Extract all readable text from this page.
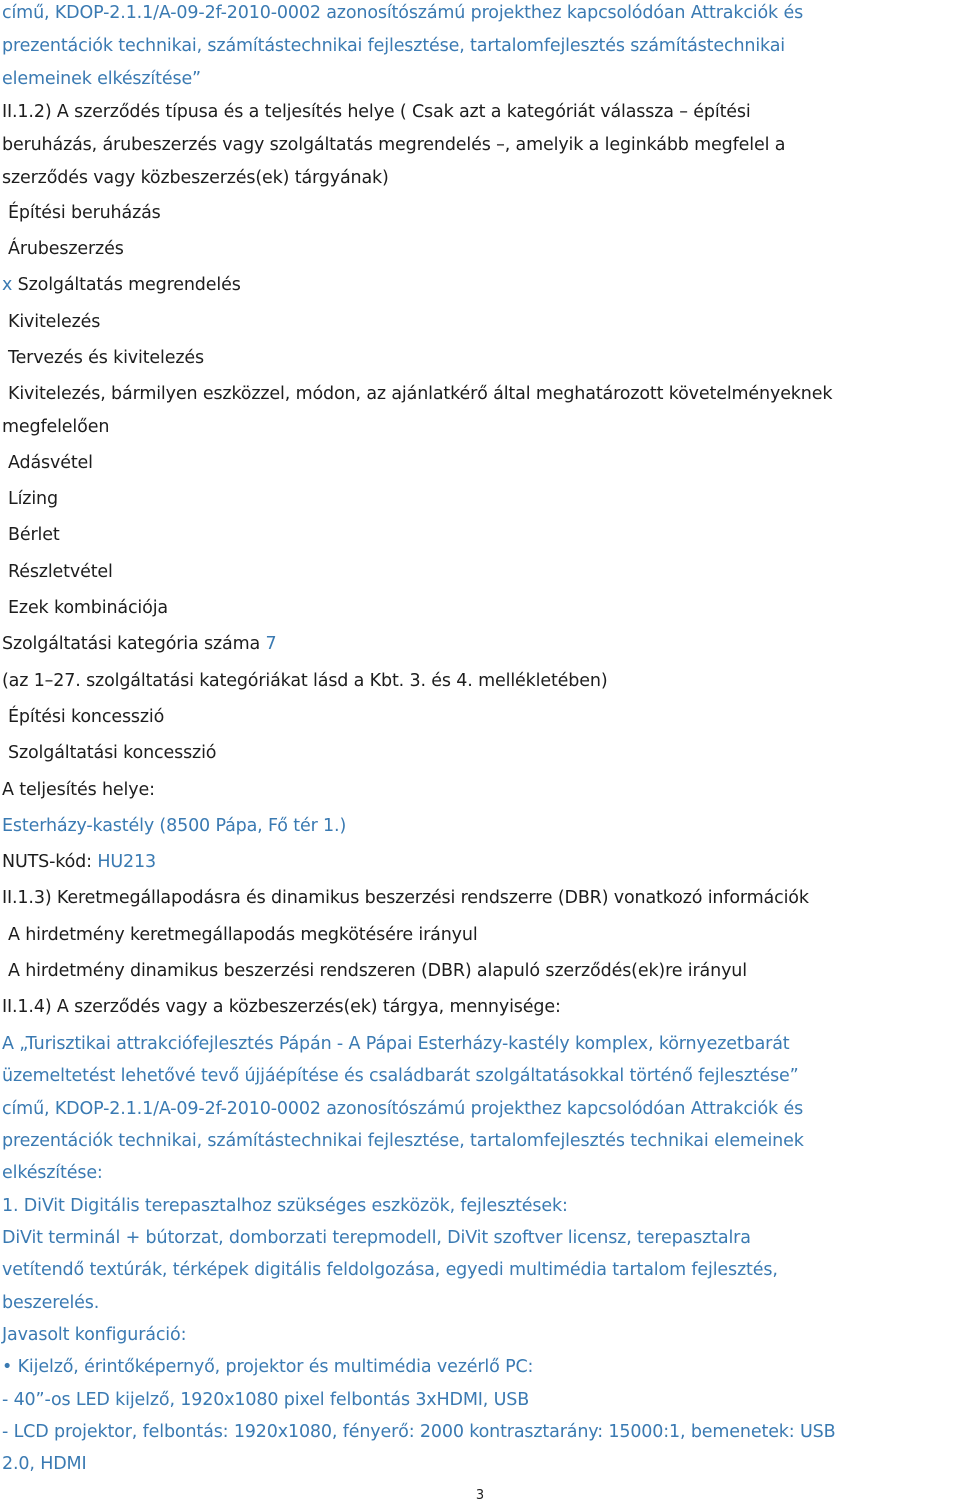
című, KDOP-2.1.1/A-09-2f-2010-0002 azonosítószámú projekthez kapcsolódóan Attrakciók és
prezentációk technikai, számítástechnikai fejlesztése, tartalomfejlesztés számítástechnikai
elemeinek elkészítése”
II.1.2) A szerződés típusa és a teljesítés helye ( Csak azt a kategóriát válassza – építési
beruházás, árubeszerzés vagy szolgáltatás megrendelés –, amelyik a leginkább megfelel a
szerződés vagy közbeszerzés(ek) tárgyának)
Építési beruházás
Árubeszerzés
x Szolgáltatás megrendelés
Kivitelezés
Tervezés és kivitelezés
Kivitelezés, bármilyen eszközzel, módon, az ajánlatkérő által meghatározott követelményeknek
megfelelően
Adásvétel
Lízing
Bérlet
Részletvétel
Ezek kombinációja
Szolgáltatási kategória száma 7
(az 1–27. szolgáltatási kategóriákat lásd a Kbt. 3. és 4. mellékletében)
Építési koncesszió
Szolgáltatási koncesszió
A teljesítés helye:
Esterházy-kastély (8500 Pápa, Fő tér 1.)
NUTS-kód: HU213
II.1.3) Keretmegállapodásra és dinamikus beszerzési rendszerre (DBR) vonatkozó információk
A hirdetmény keretmegállapodás megkötésére irányul
A hirdetmény dinamikus beszerzési rendszeren (DBR) alapuló szerződés(ek)re irányul
II.1.4) A szerződés vagy a közbeszerzés(ek) tárgya, mennyisége:
A „Turisztikai attrakciófejlesztés Pápán - A Pápai Esterházy-kastély komplex, környezetbarát
üzemeltetést lehetővé tevő újjáépítése és családbarát szolgáltatásokkal történő fejlesztése”
című, KDOP-2.1.1/A-09-2f-2010-0002 azonosítószámú projekthez kapcsolódóan Attrakciók és
prezentációk technikai, számítástechnikai fejlesztése, tartalomfejlesztés technikai elemeinek
elkészítése:
1. DiVit Digitális terepasztalhoz szükséges eszközök, fejlesztések:
DiVit terminál + bútorzat, domborzati terepmodell, DiVit szoftver licensz, terepasztalra
vetítendő textúrák, térképek digitális feldolgozása, egyedi multimédia tartalom fejlesztés,
beszerelés.
Javasolt konfiguráció:
• Kijelző, érintőképernyő, projektor és multimédia vezérlő PC:
- 40”-os LED kijelző, 1920x1080 pixel felbontás 3xHDMI, USB
- LCD projektor, felbontás: 1920x1080, fényerő: 2000 kontrasztarány: 15000:1, bemenetek: USB
2.0, HDMI
3
